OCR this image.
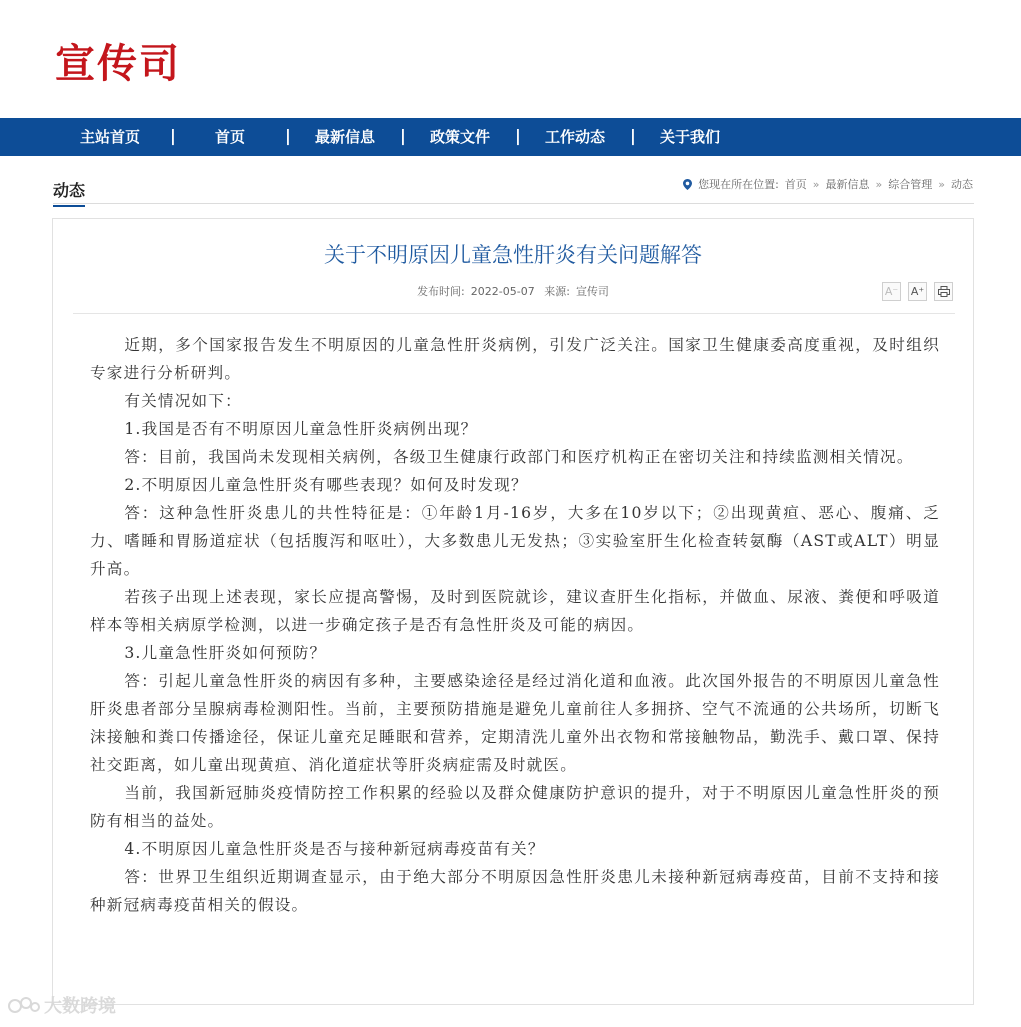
宣传司
主站首页	|	首页	|	最新信息	|	政策文件	|	工作动态	|	关于我们
动态	您现在所在位置: 首页 » 最新信息 » 综合管理 » 动态
关于不明原因儿童急性肝炎有关问题解答
发布时间: 2022-05-07 来源: 宣传司	A⁻ A⁺

近期，多个国家报告发生不明原因的儿童急性肝炎病例，引发广泛关注。国家卫生健康委高度重视，及时组织专家进行分析研判。

有关情况如下：

1.我国是否有不明原因儿童急性肝炎病例出现？

答：目前，我国尚未发现相关病例，各级卫生健康行政部门和医疗机构正在密切关注和持续监测相关情况。

2.不明原因儿童急性肝炎有哪些表现？如何及时发现？

答：这种急性肝炎患儿的共性特征是：①年龄1月-16岁，大多在10岁以下；②出现黄疸、恶心、腹痛、乏力、嗜睡和胃肠道症状（包括腹泻和呕吐），大多数患儿无发热；③实验室肝生化检查转氨酶（AST或ALT）明显升高。

若孩子出现上述表现，家长应提高警惕，及时到医院就诊，建议查肝生化指标，并做血、尿液、粪便和呼吸道样本等相关病原学检测，以进一步确定孩子是否有急性肝炎及可能的病因。

3.儿童急性肝炎如何预防？

答：引起儿童急性肝炎的病因有多种，主要感染途径是经过消化道和血液。此次国外报告的不明原因儿童急性肝炎患者部分呈腺病毒检测阳性。当前，主要预防措施是避免儿童前往人多拥挤、空气不流通的公共场所，切断飞沫接触和粪口传播途径，保证儿童充足睡眠和营养，定期清洗儿童外出衣物和常接触物品，勤洗手、戴口罩、保持社交距离，如儿童出现黄疸、消化道症状等肝炎病症需及时就医。

当前，我国新冠肺炎疫情防控工作积累的经验以及群众健康防护意识的提升，对于不明原因儿童急性肝炎的预防有相当的益处。

4.不明原因儿童急性肝炎是否与接种新冠病毒疫苗有关？

答：世界卫生组织近期调查显示，由于绝大部分不明原因急性肝炎患儿未接种新冠病毒疫苗，目前不支持和接种新冠病毒疫苗相关的假设。

大数跨境
